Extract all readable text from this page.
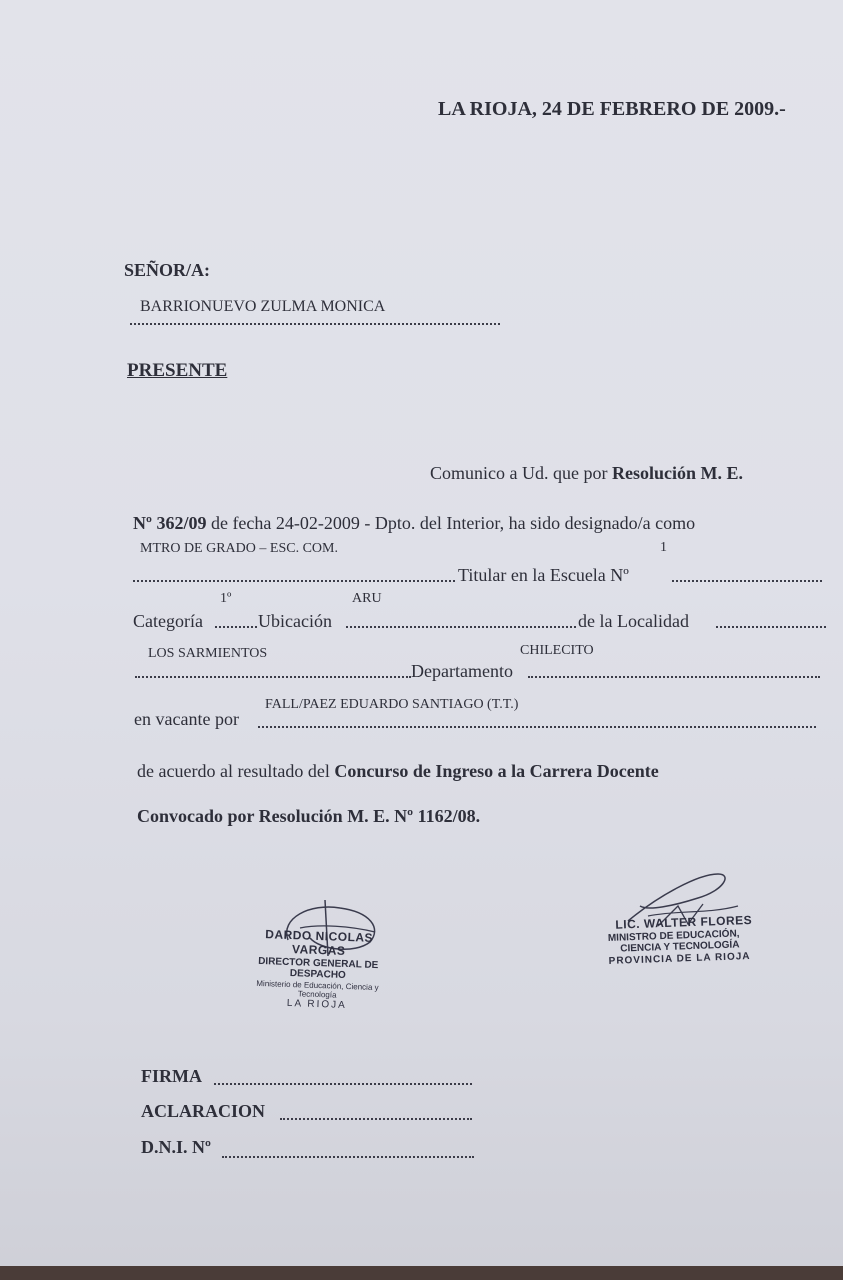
LA RIOJA, 24 DE FEBRERO DE 2009.-
SEÑOR/A:
BARRIONUEVO ZULMA MONICA
PRESENTE
Comunico a Ud. que por Resolución M. E.
Nº 362/09 de fecha 24-02-2009 - Dpto. del Interior, ha sido designado/a como
MTRO DE GRADO – ESC. COM.	1
Titular en la Escuela Nº
1º	ARU
Categoría	Ubicación	de la Localidad
LOS SARMIENTOS	CHILECITO
Departamento
FALL/PAEZ EDUARDO SANTIAGO (T.T.)
en vacante por
de acuerdo al resultado del Concurso de Ingreso a la Carrera Docente
Convocado por Resolución M. E. Nº 1162/08.
DARDO NICOLAS VARGAS
DIRECTOR GENERAL DE DESPACHO
Ministerio de Educación, Ciencia y Tecnología
LA RIOJA
LIC. WALTER FLORES
MINISTRO DE EDUCACIÓN,
CIENCIA Y TECNOLOGÍA
PROVINCIA DE LA RIOJA
FIRMA
ACLARACION
D.N.I. Nº
